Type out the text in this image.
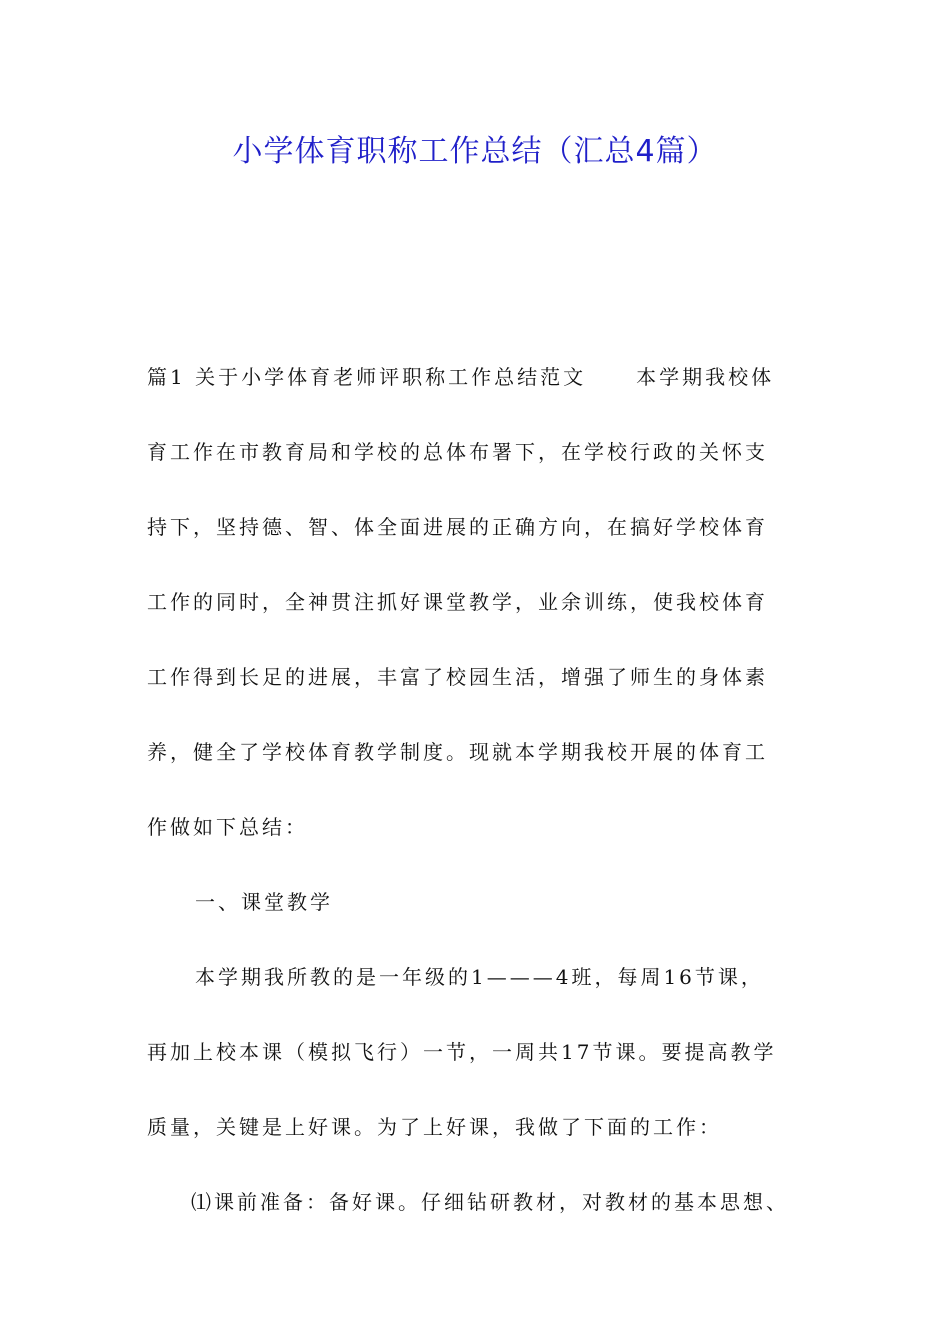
小学体育职称工作总结（汇总4篇）
篇1 关于小学体育老师评职称工作总结范文	本学期我校体
育工作在市教育局和学校的总体布署下，在学校行政的关怀支
持下，坚持德、智、体全面进展的正确方向，在搞好学校体育
工作的同时，全神贯注抓好课堂教学，业余训练，使我校体育
工作得到长足的进展，丰富了校园生活，增强了师生的身体素
养，健全了学校体育教学制度。现就本学期我校开展的体育工
作做如下总结：
一、课堂教学
本学期我所教的是一年级的1———4班，每周16节课，
再加上校本课（模拟飞行）一节，一周共17节课。要提高教学
质量，关键是上好课。为了上好课，我做了下面的工作：
⑴课前准备：备好课。仔细钻研教材，对教材的基本思想、
